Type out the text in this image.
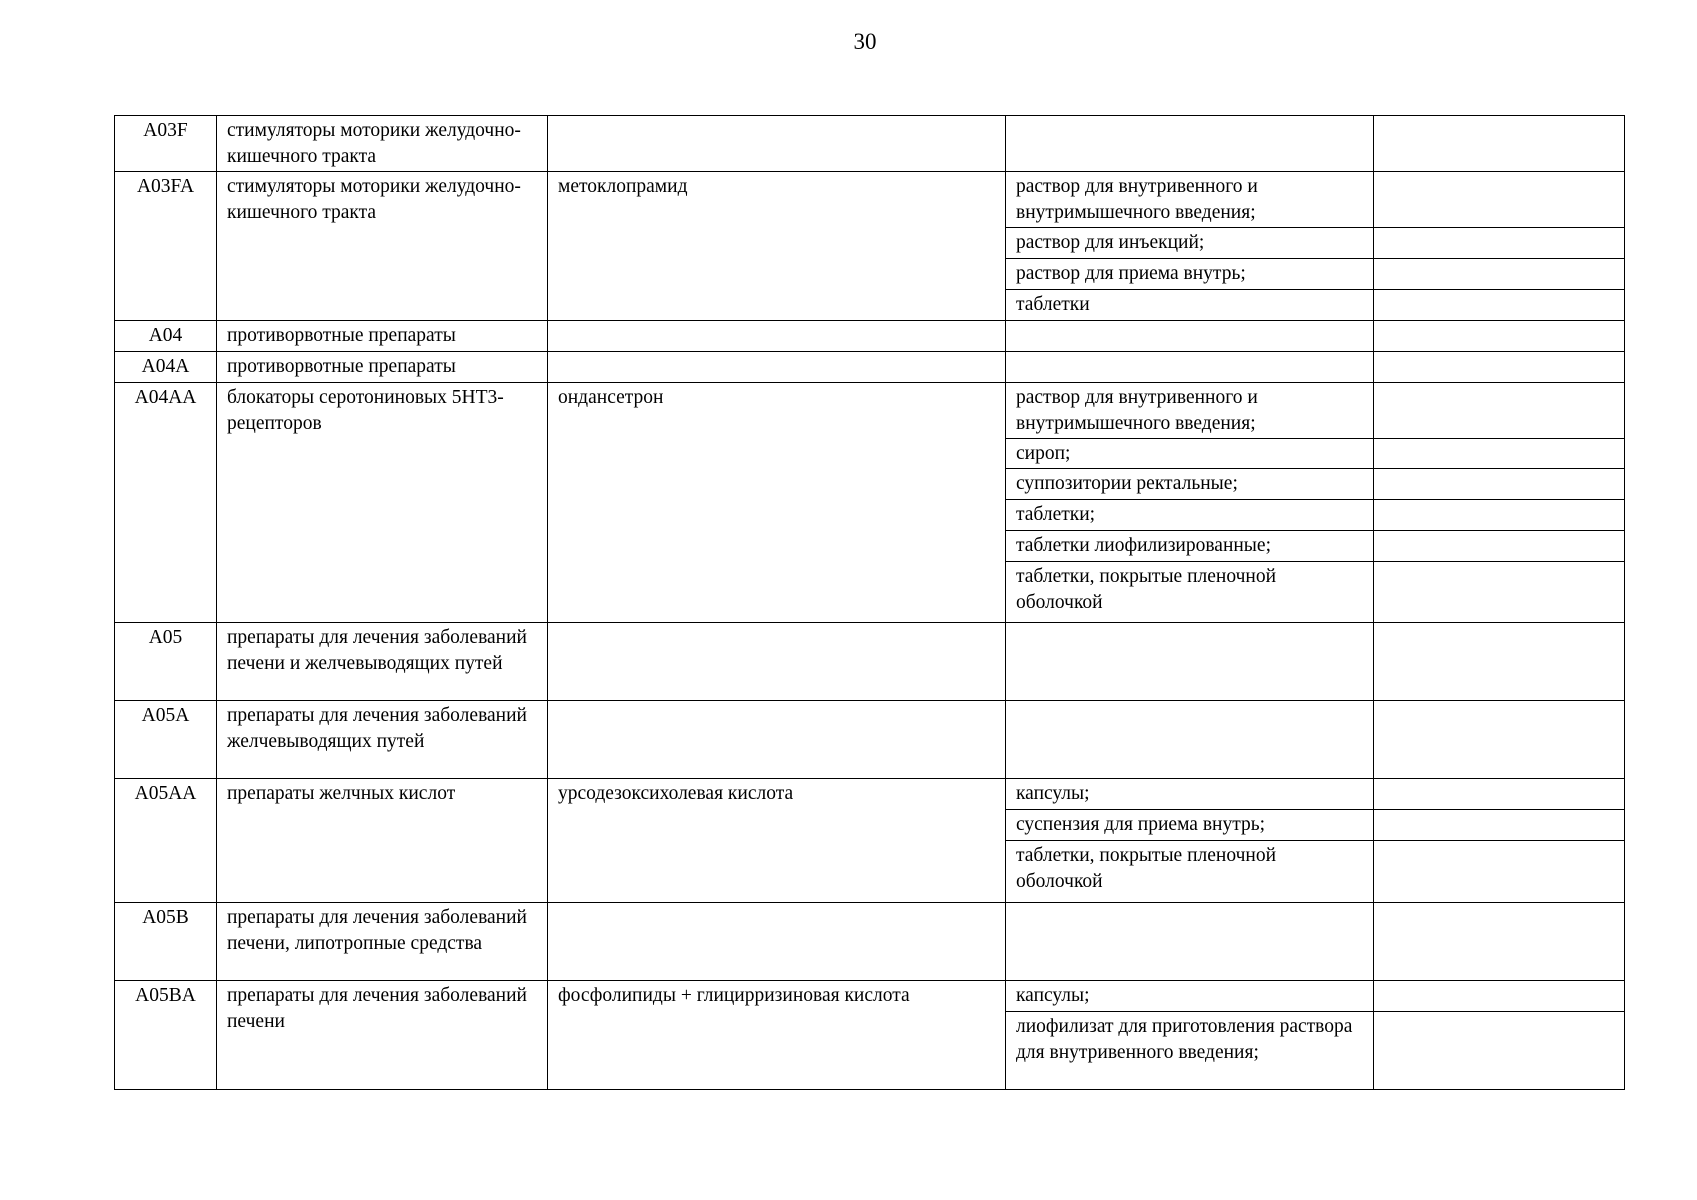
30
A03F	стимуляторы моторики желудочно-кишечного тракта			
A03FA	стимуляторы моторики желудочно-кишечного тракта	метоклопрамид	раствор для внутривенного и внутримышечного введения;	
			раствор для инъекций;	
			раствор для приема внутрь;	
			таблетки	
A04	противорвотные препараты			
A04A	противорвотные препараты			
A04AA	блокаторы серотониновых 5HT3-рецепторов	ондансетрон	раствор для внутривенного и внутримышечного введения;	
			сироп;	
			суппозитории ректальные;	
			таблетки;	
			таблетки лиофилизированные;	
			таблетки, покрытые пленочной оболочкой	
A05	препараты для лечения заболеваний печени и желчевыводящих путей			
A05A	препараты для лечения заболеваний желчевыводящих путей			
A05AA	препараты желчных кислот	урсодезоксихолевая кислота	капсулы;	
			суспензия для приема внутрь;	
			таблетки, покрытые пленочной оболочкой	
A05B	препараты для лечения заболеваний печени, липотропные средства			
A05BA	препараты для лечения заболеваний печени	фосфолипиды + глицирризиновая кислота	капсулы;	
			лиофилизат для приготовления раствора для внутривенного введения;	
